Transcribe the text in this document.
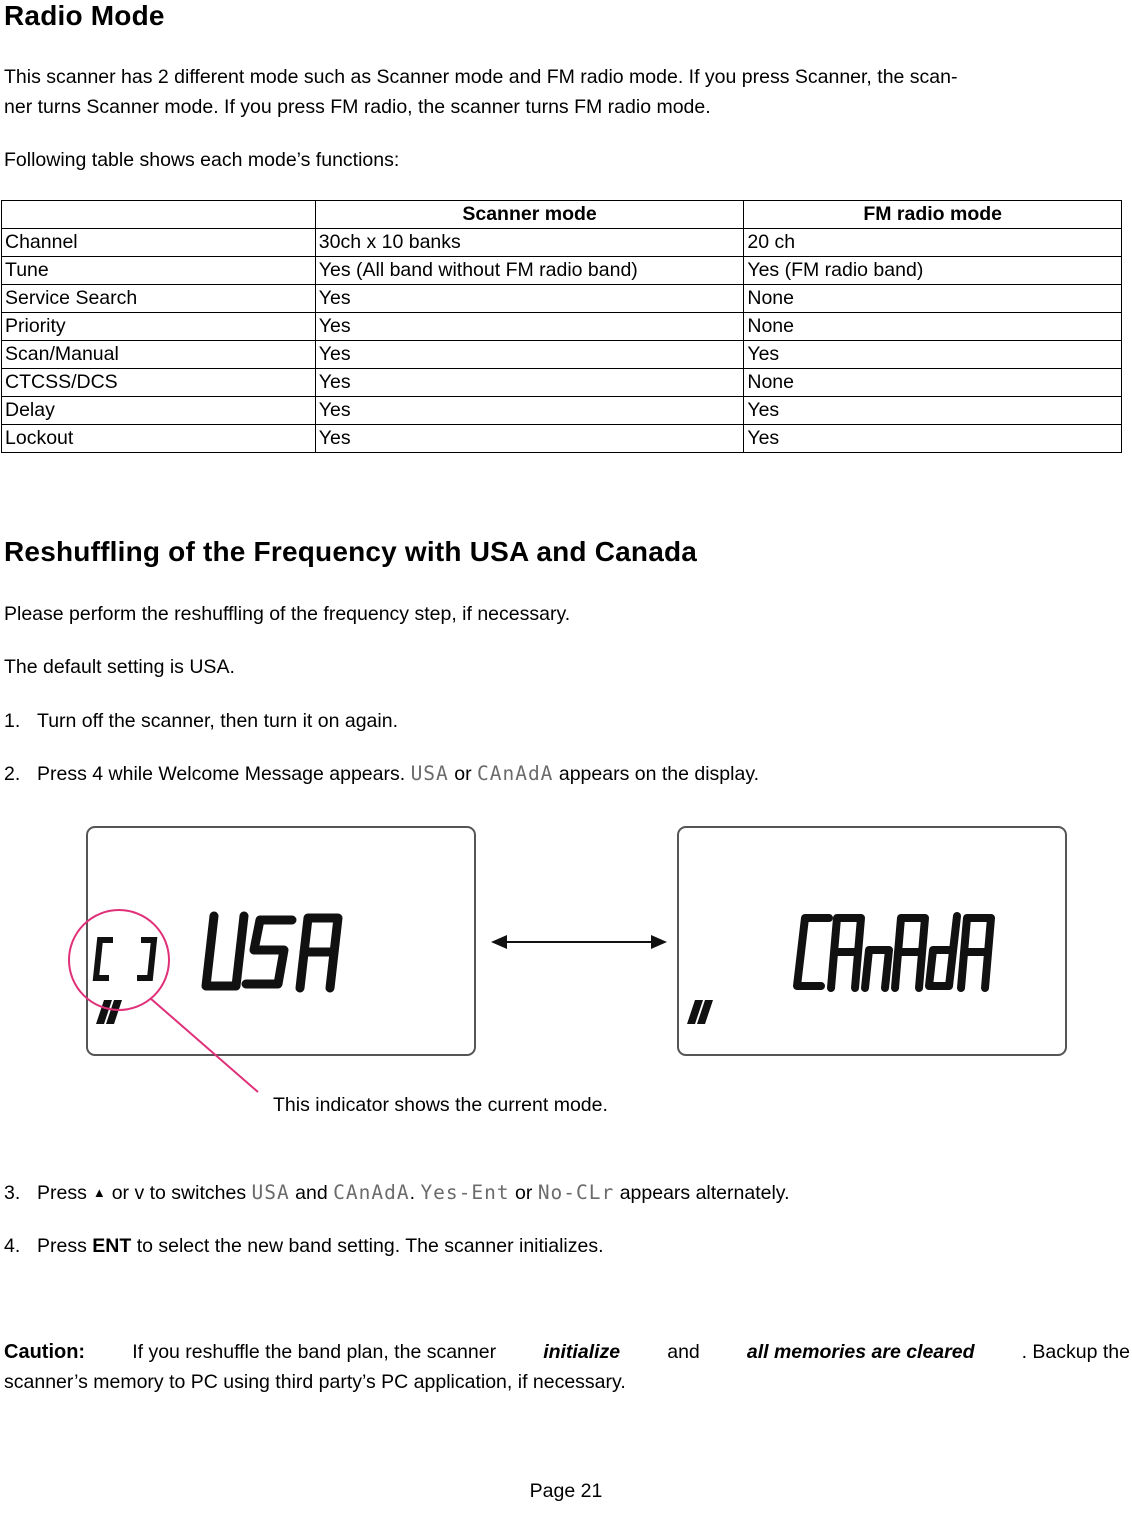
Radio Mode

This scanner has 2 different mode such as Scanner mode and FM radio mode. If you press Scanner, the scan-

ner turns Scanner mode. If you press FM radio, the scanner turns FM radio mode.

Following table shows each mode’s functions:

	Scanner mode	FM radio mode
Channel	30ch x 10 banks	20 ch
Tune	Yes (All band without FM radio band)	Yes (FM radio band)
Service Search	Yes	None
Priority	Yes	None
Scan/Manual	Yes	Yes
CTCSS/DCS	Yes	None
Delay	Yes	Yes
Lockout	Yes	Yes
Reshuffling of the Frequency with USA and Canada

Please perform the reshuffling of the frequency step, if necessary.

The default setting is USA.

1. Turn off the scanner, then turn it on again.
2. Press 4 while Welcome Message appears. USA or CAnAdA appears on the display.
This indicator shows the current mode.
3. Press ▲ or v to switches USA and CAnAdA. Yes-Ent or No-CLr appears alternately.
4. Press ENT to select the new band setting. The scanner initializes.
Caution: If you reshuffle the band plan, the scanner initialize and all memories are cleared . Backup the
scanner’s memory to PC using third party’s PC application, if necessary.
Page 21
